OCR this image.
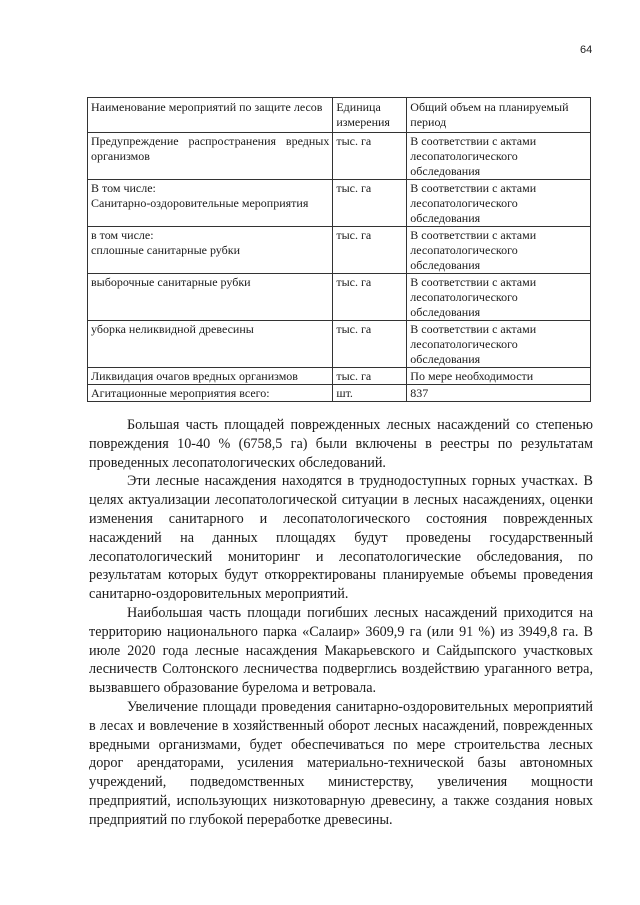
64
Наименование мероприятий по защите лесов	Единица измерения	Общий объем на планируемый период

Предупреждение распространения вредных организмов	тыс. га	В соответствии с актами лесопатологического обследования
В том числе:
Санитарно-оздоровительные мероприятия	тыс. га	В соответствии с актами лесопатологического обследования
в том числе:
сплошные санитарные рубки	тыс. га	В соответствии с актами лесопатологического обследования
выборочные санитарные рубки	тыс. га	В соответствии с актами лесопатологического обследования
уборка неликвидной древесины	тыс. га	В соответствии с актами лесопатологического обследования
Ликвидация очагов вредных организмов	тыс. га	По мере необходимости
Агитационные мероприятия всего:	шт.	837

Большая часть площадей поврежденных лесных насаждений со степенью повреждения 10-40 % (6758,5 га) были включены в реестры по результатам проведенных лесопатологических обследований.

Эти лесные насаждения находятся в труднодоступных горных участках. В целях актуализации лесопатологической ситуации в лесных насаждениях, оценки изменения санитарного и лесопатологического состояния поврежденных насаждений на данных площадях будут проведены государственный лесопатологический мониторинг и лесопатологические обследования, по результатам которых будут откорректированы планируемые объемы проведения санитарно-оздоровительных мероприятий.

Наибольшая часть площади погибших лесных насаждений приходится на территорию национального парка «Салаир» 3609,9 га (или 91 %) из 3949,8 га. В июле 2020 года лесные насаждения Макарьевского и Сайдыпского участковых лесничеств Солтонского лесничества подверглись воздействию ураганного ветра, вызвавшего образование бурелома и ветровала.

Увеличение площади проведения санитарно-оздоровительных мероприятий в лесах и вовлечение в хозяйственный оборот лесных насаждений, поврежденных вредными организмами, будет обеспечиваться по мере строительства лесных дорог арендаторами, усиления материально-технической базы автономных учреждений, подведомственных министерству, увеличения мощности предприятий, использующих низкотоварную древесину, а также создания новых предприятий по глубокой переработке древесины.
